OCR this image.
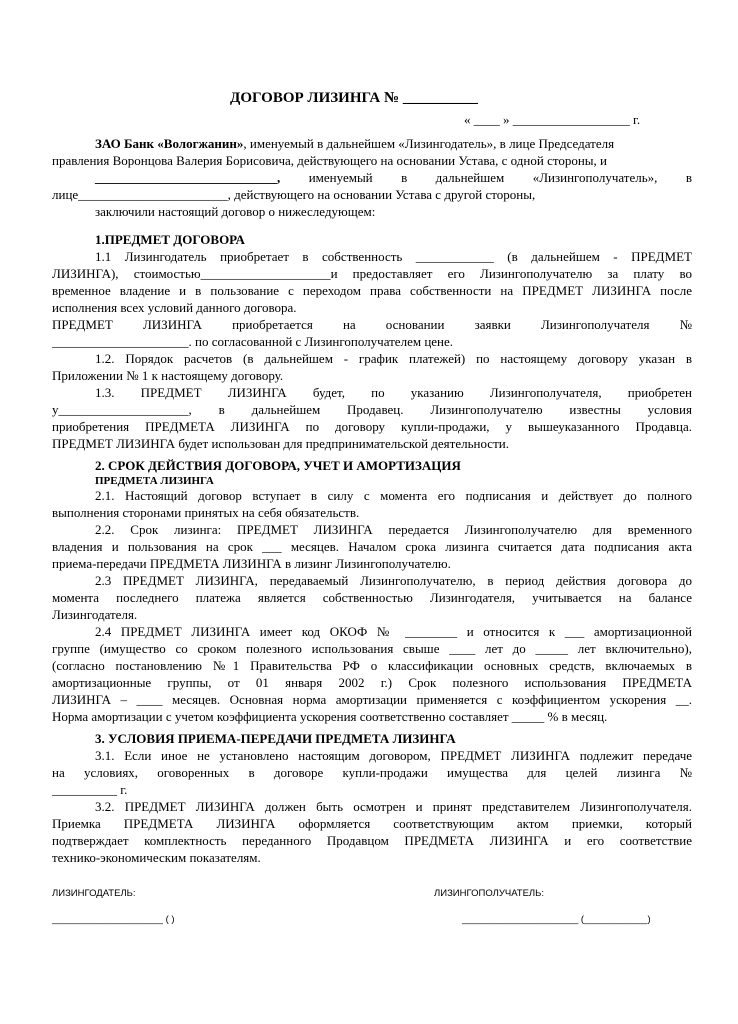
ДОГОВОР ЛИЗИНГА № __________
« ____ » __________________ г.
ЗАО Банк «Вологжанин», именуемый в дальнейшем «Лизингодатель», в лице Председателя
правления Воронцова Валерия Борисовича, действующего на основании Устава, с одной стороны, и
____________________________, именуемый в дальнейшем «Лизингополучатель», в
лице_______________________, действующего на основании Устава с другой стороны,
заключили настоящий договор о нижеследующем:
1.ПРЕДМЕТ ДОГОВОРА
1.1 Лизингодатель приобретает в собственность ____________ (в дальнейшем - ПРЕДМЕТ
ЛИЗИНГА), стоимостью____________________и предоставляет его Лизингополучателю за плату во
временное владение и в пользование с переходом права собственности на ПРЕДМЕТ ЛИЗИНГА после
исполнения всех условий данного договора.
ПРЕДМЕТ ЛИЗИНГА приобретается на основании заявки Лизингополучателя №
_____________________. по согласованной с Лизингополучателем цене.
1.2. Порядок расчетов (в дальнейшем - график платежей) по настоящему договору указан в
Приложении № 1 к настоящему договору.
1.3. ПРЕДМЕТ ЛИЗИНГА будет, по указанию Лизингополучателя, приобретен
у____________________, в дальнейшем Продавец. Лизингополучателю известны условия
приобретения ПРЕДМЕТА ЛИЗИНГА по договору купли-продажи, у вышеуказанного Продавца.
ПРЕДМЕТ ЛИЗИНГА будет использован для предпринимательской деятельности.
2. СРОК ДЕЙСТВИЯ ДОГОВОРА, УЧЕТ И АМОРТИЗАЦИЯ
ПРЕДМЕТА ЛИЗИНГА
2.1. Настоящий договор вступает в силу с момента его подписания и действует до полного
выполнения сторонами принятых на себя обязательств.
2.2. Срок лизинга: ПРЕДМЕТ ЛИЗИНГА передается Лизингополучателю для временного
владения и пользования на срок ___ месяцев. Началом срока лизинга считается дата подписания акта
приема-передачи ПРЕДМЕТА ЛИЗИНГА в лизинг Лизингополучателю.
2.3 ПРЕДМЕТ ЛИЗИНГА, передаваемый Лизингополучателю, в период действия договора до
момента последнего платежа является собственностью Лизингодателя, учитывается на балансе
Лизингодателя.
2.4 ПРЕДМЕТ ЛИЗИНГА имеет код ОКОФ № ________ и относится к ___ амортизационной
группе (имущество со сроком полезного использования свыше ____ лет до _____ лет включительно),
(согласно постановлению №1 Правительства РФ о классификации основных средств, включаемых в
амортизационные группы, от 01 января 2002 г.) Срок полезного использования ПРЕДМЕТА
ЛИЗИНГА – ____ месяцев. Основная норма амортизации применяется с коэффициентом ускорения __.
Норма амортизации с учетом коэффициента ускорения соответственно составляет _____ % в месяц.
3. УСЛОВИЯ ПРИЕМА-ПЕРЕДАЧИ ПРЕДМЕТА ЛИЗИНГА
3.1. Если иное не установлено настоящим договором, ПРЕДМЕТ ЛИЗИНГА подлежит передаче
на условиях, оговоренных в договоре купли-продажи имущества для целей лизинга №
__________ г.
3.2. ПРЕДМЕТ ЛИЗИНГА должен быть осмотрен и принят представителем Лизингополучателя.
Приемка ПРЕДМЕТА ЛИЗИНГА оформляется соответствующим актом приемки, который
подтверждает комплектность переданного Продавцом ПРЕДМЕТА ЛИЗИНГА и его соответствие
технико-экономическим показателям.
ЛИЗИНГОДАТЕЛЬ:	ЛИЗИНГОПОЛУЧАТЕЛЬ:
_____________________ ( )	______________________ (____________)
